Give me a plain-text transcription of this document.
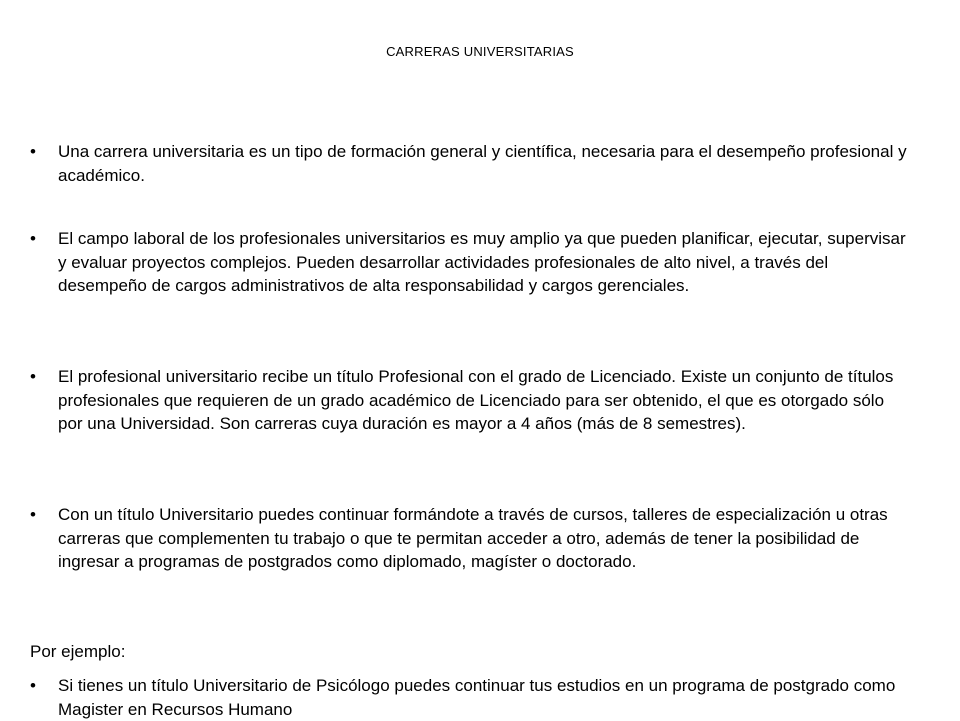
CARRERAS UNIVERSITARIAS
•	Una carrera universitaria es un tipo de formación general y científica, necesaria para el desempeño profesional y académico.
•	El campo laboral de los profesionales universitarios es muy amplio ya que pueden planificar, ejecutar, supervisar y evaluar proyectos complejos. Pueden desarrollar actividades profesionales de alto nivel, a través del desempeño de cargos administrativos de alta responsabilidad y cargos gerenciales.
•	El profesional universitario recibe un título Profesional con el grado de Licenciado. Existe un conjunto de títulos profesionales que requieren de un grado académico de Licenciado para ser obtenido, el que es otorgado sólo por una Universidad. Son carreras cuya duración es mayor a 4 años (más de 8 semestres).
•	Con un título Universitario puedes continuar formándote a través de cursos, talleres de especialización u otras carreras que complementen tu trabajo o que te permitan acceder a otro, además de tener la posibilidad de ingresar a programas de postgrados como diplomado, magíster o doctorado.
Por ejemplo:
•	Si tienes un título Universitario de Psicólogo puedes continuar tus estudios en un programa de postgrado como Magister en Recursos Humano
